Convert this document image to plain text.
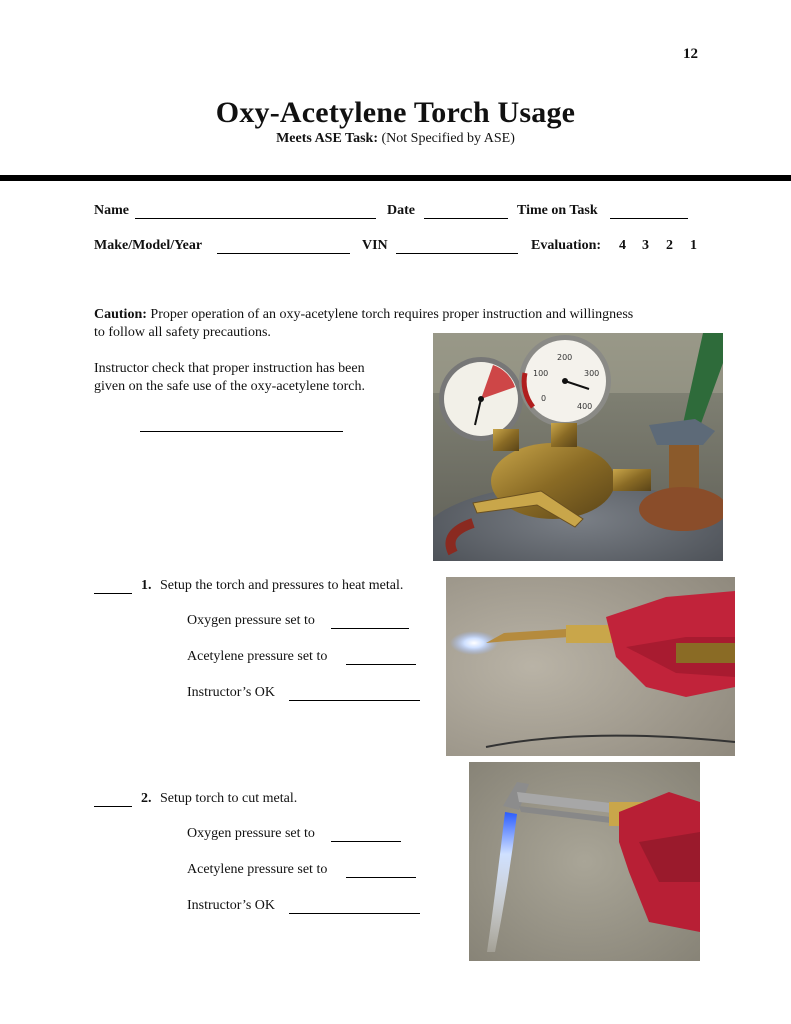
12
Oxy-Acetylene Torch Usage
Meets ASE Task: (Not Specified by ASE)
Name	Date	Time on Task
Make/Model/Year	VIN	Evaluation: 4 3 2 1
Caution: Proper operation of an oxy-acetylene torch requires proper instruction and willingness
to follow all safety precautions.
Instructor check that proper instruction has been
given on the safe use of the oxy-acetylene torch.
200
100	300
0
400
1. Setup the torch and pressures to heat metal.
Oxygen pressure set to
Acetylene pressure set to
Instructor’s OK
2. Setup torch to cut metal.
Oxygen pressure set to
Acetylene pressure set to
Instructor’s OK
